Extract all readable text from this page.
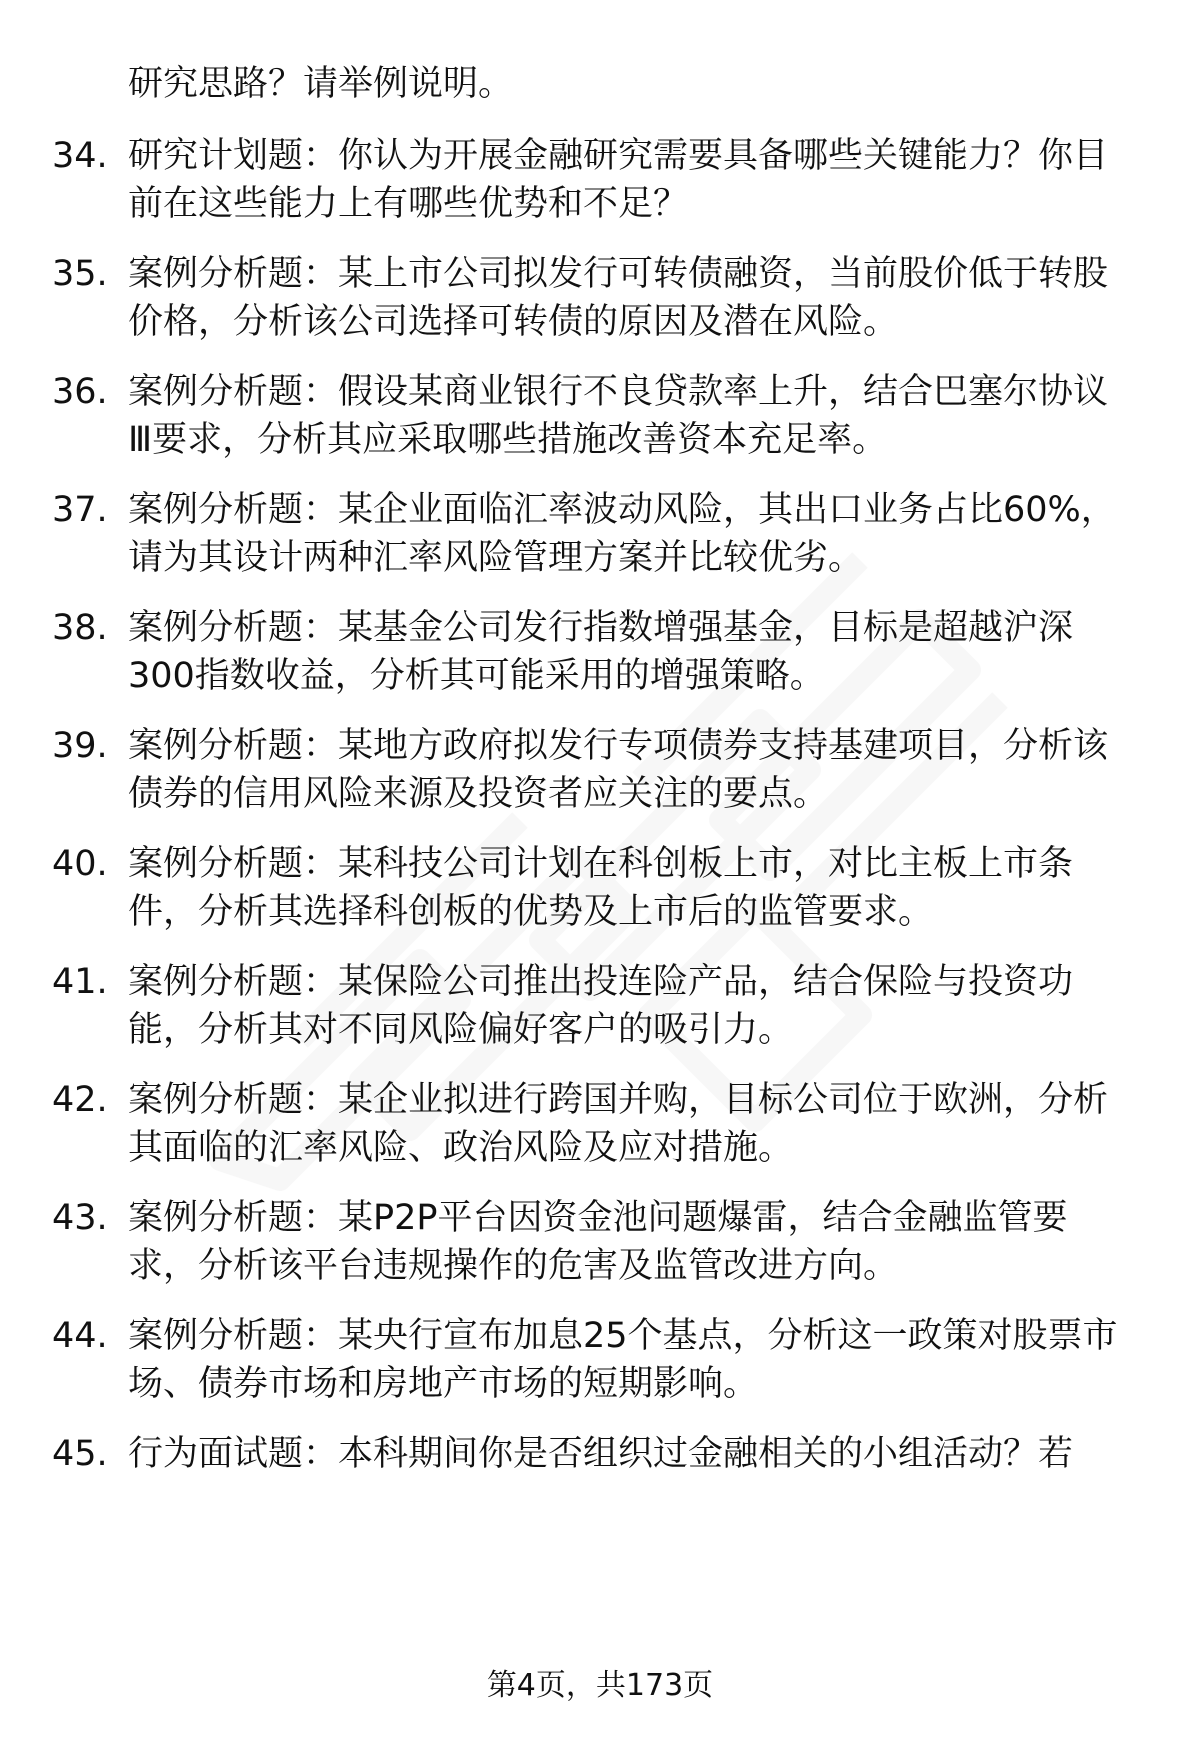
研究思路？请举例说明。
34. 研究计划题：你认为开展金融研究需要具备哪些关键能力？你目
前在这些能力上有哪些优势和不足？
35. 案例分析题：某上市公司拟发行可转债融资，当前股价低于转股
价格，分析该公司选择可转债的原因及潜在风险。
36. 案例分析题：假设某商业银行不良贷款率上升，结合巴塞尔协议
Ⅲ要求，分析其应采取哪些措施改善资本充足率。
37. 案例分析题：某企业面临汇率波动风险，其出口业务占比60%，
请为其设计两种汇率风险管理方案并比较优劣。
38. 案例分析题：某基金公司发行指数增强基金，目标是超越沪深
300指数收益，分析其可能采用的增强策略。
39. 案例分析题：某地方政府拟发行专项债券支持基建项目，分析该
债券的信用风险来源及投资者应关注的要点。
40. 案例分析题：某科技公司计划在科创板上市，对比主板上市条
件，分析其选择科创板的优势及上市后的监管要求。
41. 案例分析题：某保险公司推出投连险产品，结合保险与投资功
能，分析其对不同风险偏好客户的吸引力。
42. 案例分析题：某企业拟进行跨国并购，目标公司位于欧洲，分析
其面临的汇率风险、政治风险及应对措施。
43. 案例分析题：某P2P平台因资金池问题爆雷，结合金融监管要
求，分析该平台违规操作的危害及监管改进方向。
44. 案例分析题：某央行宣布加息25个基点，分析这一政策对股票市
场、债券市场和房地产市场的短期影响。
45. 行为面试题：本科期间你是否组织过金融相关的小组活动？若
第4页，共173页
